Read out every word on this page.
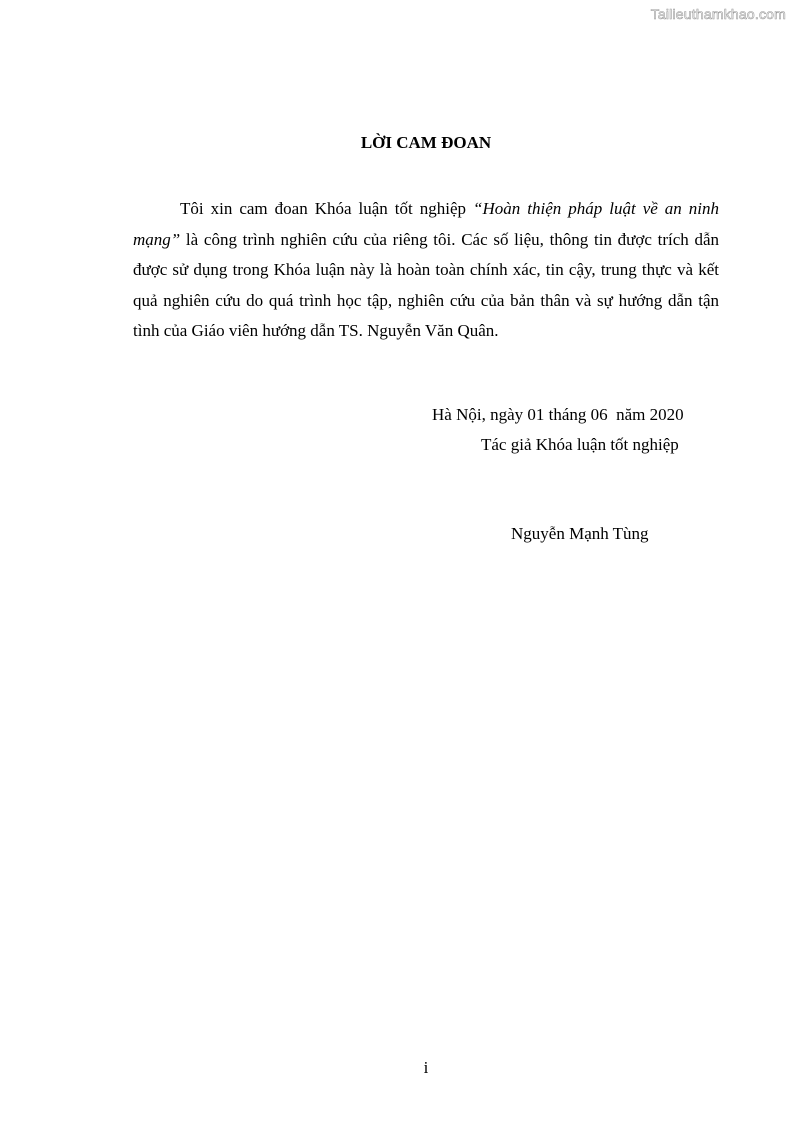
Tailieuthamkhao.com
LỜI CAM ĐOAN

Tôi xin cam đoan Khóa luận tốt nghiệp “Hoàn thiện pháp luật về an ninh mạng” là công trình nghiên cứu của riêng tôi. Các số liệu, thông tin được trích dẫn được sử dụng trong Khóa luận này là hoàn toàn chính xác, tin cậy, trung thực và kết quả nghiên cứu do quá trình học tập, nghiên cứu của bản thân và sự hướng dẫn tận tình của Giáo viên hướng dẫn TS. Nguyễn Văn Quân.

Hà Nội, ngày 01 tháng 06  năm 2020

Tác giả Khóa luận tốt nghiệp

Nguyễn Mạnh Tùng

i
